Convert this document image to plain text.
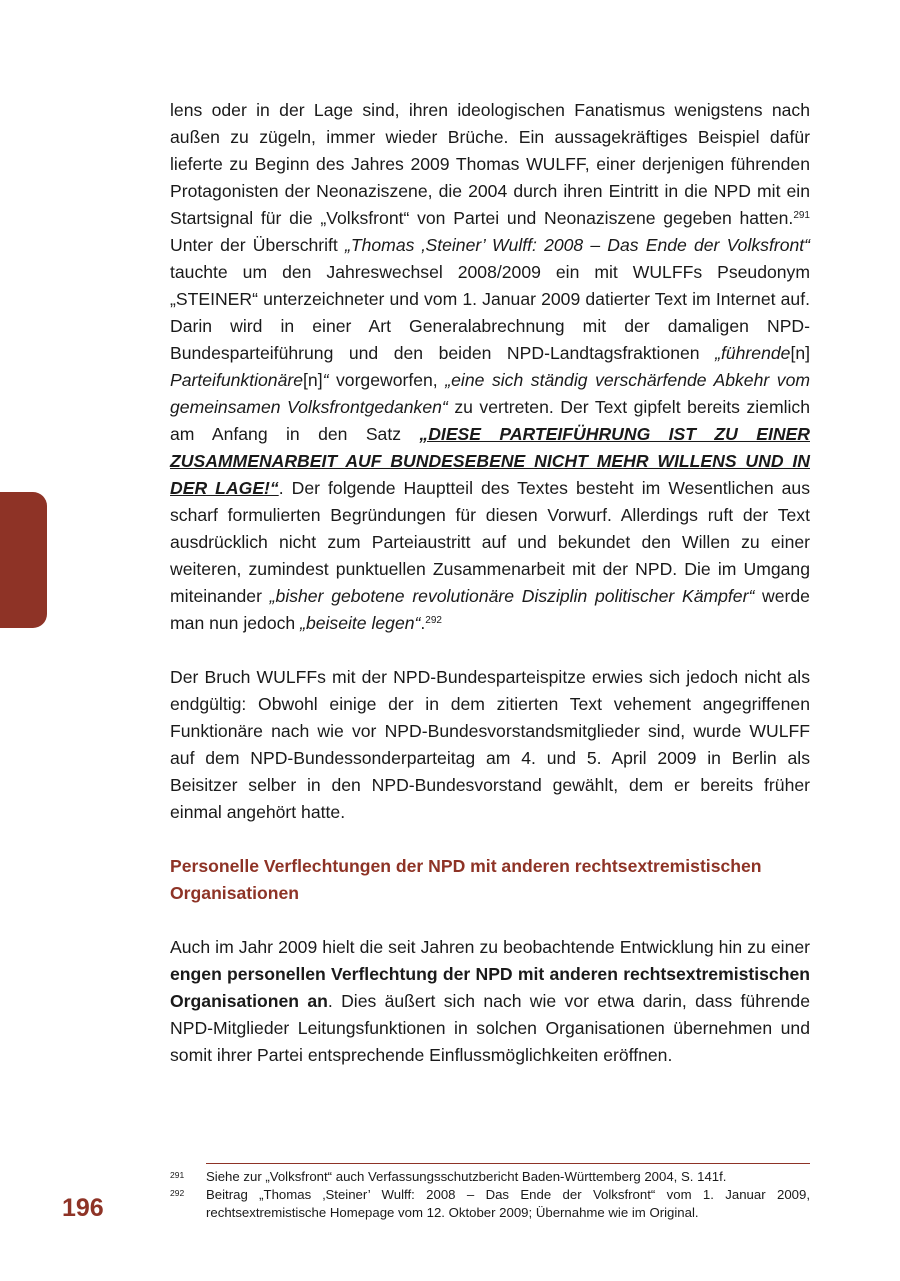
lens oder in der Lage sind, ihren ideologischen Fanatismus wenigstens nach außen zu zügeln, immer wieder Brüche. Ein aussagekräftiges Beispiel dafür lieferte zu Beginn des Jahres 2009 Thomas WULFF, einer derjenigen führenden Protagonisten der Neonaziszene, die 2004 durch ihren Eintritt in die NPD mit ein Startsignal für die „Volksfront“ von Partei und Neonaziszene gegeben hatten.$^{291}$ Unter der Überschrift „Thomas ‚Steiner’ Wulff: 2008 – Das Ende der Volksfront“ tauchte um den Jahreswechsel 2008/2009 ein mit WULFFs Pseudonym „STEINER“ unterzeichneter und vom 1. Januar 2009 datierter Text im Internet auf. Darin wird in einer Art Generalabrechnung mit der damaligen NPD-Bundesparteiführung und den beiden NPD-Landtagsfraktionen „führende[n] Parteifunktionäre[n]“ vorgeworfen, „eine sich ständig verschärfende Abkehr vom gemeinsamen Volksfrontgedanken“ zu vertreten. Der Text gipfelt bereits ziemlich am Anfang in den Satz „DIESE PARTEIFÜHRUNG IST ZU EINER ZUSAMMENARBEIT AUF BUNDESEBENE NICHT MEHR WILLENS UND IN DER LAGE!“. Der folgende Hauptteil des Textes besteht im Wesentlichen aus scharf formulierten Begründungen für diesen Vorwurf. Allerdings ruft der Text ausdrücklich nicht zum Parteiaustritt auf und bekundet den Willen zu einer weiteren, zumindest punktuellen Zusammenarbeit mit der NPD. Die im Umgang miteinander „bisher gebotene revolutionäre Disziplin politischer Kämpfer“ werde man nun jedoch „beiseite legen“.$^{292}$

Der Bruch WULFFs mit der NPD-Bundesparteispitze erwies sich jedoch nicht als endgültig: Obwohl einige der in dem zitierten Text vehement angegriffenen Funktionäre nach wie vor NPD-Bundesvorstandsmitglieder sind, wurde WULFF auf dem NPD-Bundessonderparteitag am 4. und 5. April 2009 in Berlin als Beisitzer selber in den NPD-Bundesvorstand gewählt, dem er bereits früher einmal angehört hatte.

Personelle Verflechtungen der NPD mit anderen rechtsextremistischen Organisationen

Auch im Jahr 2009 hielt die seit Jahren zu beobachtende Entwicklung hin zu einer engen personellen Verflechtung der NPD mit anderen rechtsextremistischen Organisationen an. Dies äußert sich nach wie vor etwa darin, dass führende NPD-Mitglieder Leitungsfunktionen in solchen Organisationen übernehmen und somit ihrer Partei entsprechende Einflussmöglichkeiten eröffnen.

291	Siehe zur „Volksfront“ auch Verfassungsschutzbericht Baden-Württemberg 2004, S. 141f.
292	Beitrag „Thomas ‚Steiner’ Wulff: 2008 – Das Ende der Volksfront“ vom 1. Januar 2009, rechtsextremistische Homepage vom 12. Oktober 2009; Übernahme wie im Original.
196
